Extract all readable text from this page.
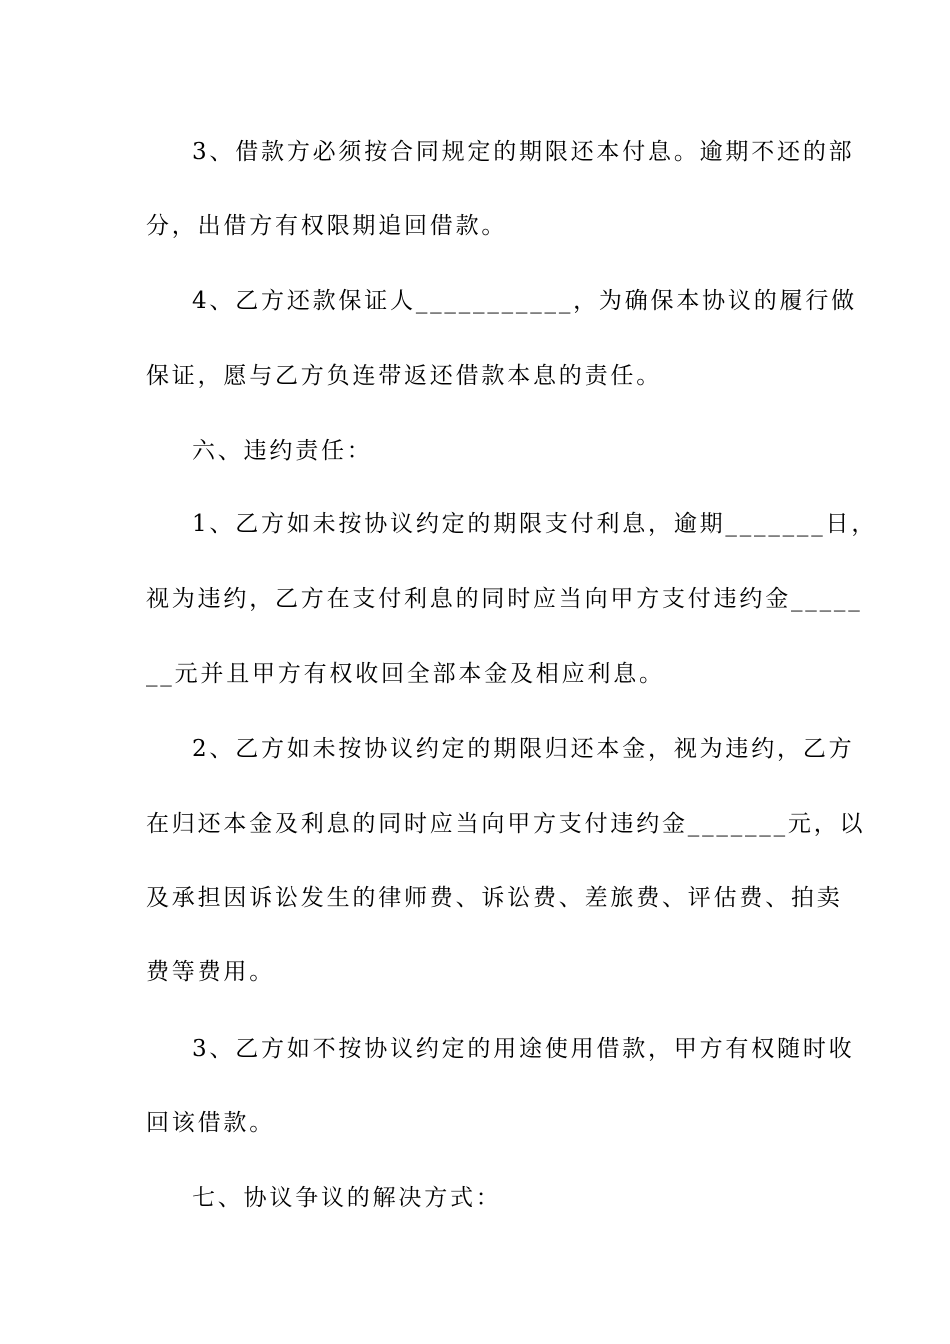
3、借款方必须按合同规定的期限还本付息。逾期不还的部
分，出借方有权限期追回借款。
4、乙方还款保证人___________，为确保本协议的履行做
保证，愿与乙方负连带返还借款本息的责任。
六、违约责任：
1、乙方如未按协议约定的期限支付利息，逾期_______日，
视为违约，乙方在支付利息的同时应当向甲方支付违约金_____
__元并且甲方有权收回全部本金及相应利息。
2、乙方如未按协议约定的期限归还本金，视为违约，乙方
在归还本金及利息的同时应当向甲方支付违约金_______元，以
及承担因诉讼发生的律师费、诉讼费、差旅费、评估费、拍卖
费等费用。
3、乙方如不按协议约定的用途使用借款，甲方有权随时收
回该借款。
七、协议争议的解决方式：
